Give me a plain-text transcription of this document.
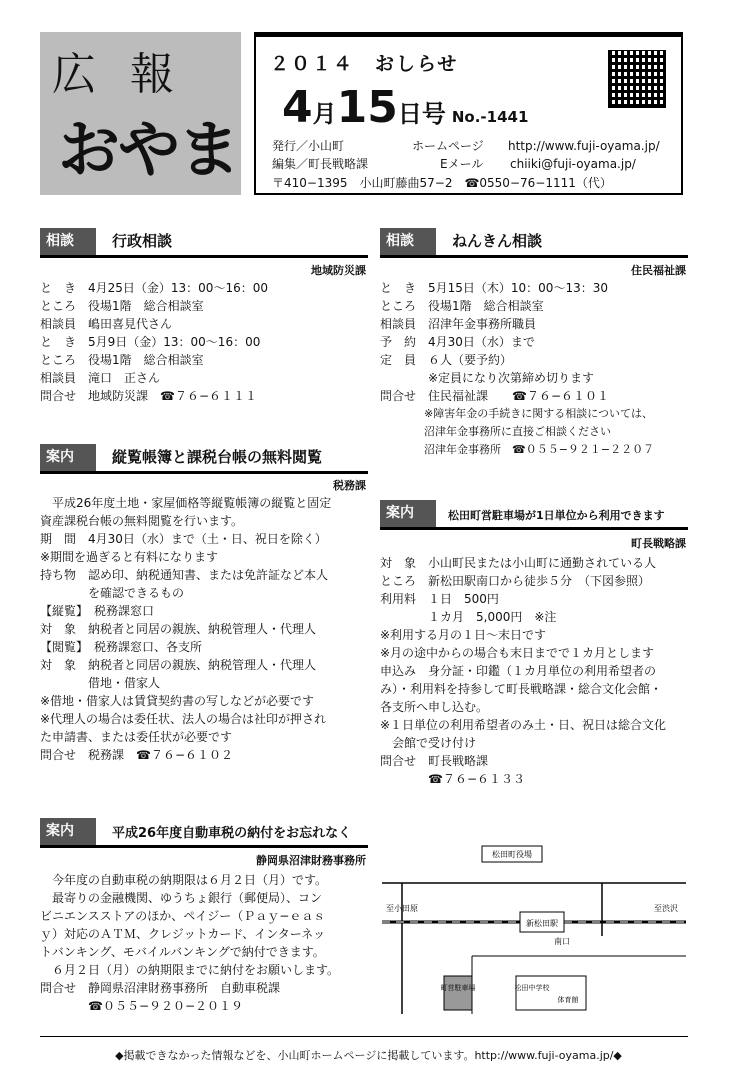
広報
おやま
２０１４　おしらせ
4月15日号 No.-1441
発行／小山町	ホームページ http://www.fuji-oyama.jp/
編集／町長戦略課	Eメール chiiki@fuji-oyama.jp/
〒410−1395　小山町藤曲57−2　☎0550−76−1111（代）
相談	行政相談
地域防災課
と　き　4月25日（金）13：00〜16：00
ところ　役場1階　総合相談室
相談員　嶋田喜見代さん
と　き　5月9日（金）13：00〜16：00
ところ　役場1階　総合相談室
相談員　滝口　正さん
問合せ　地域防災課　☎７６−６１１１
案内	縦覧帳簿と課税台帳の無料閲覧
税務課
　平成26年度土地・家屋価格等縦覧帳簿の縦覧と固定
資産課税台帳の無料閲覧を行います。
期　間　4月30日（水）まで（土・日、祝日を除く）
※期間を過ぎると有料になります
持ち物　認め印、納税通知書、または免許証など本人
　　　　を確認できるもの
【縦覧】　税務課窓口
対　象　納税者と同居の親族、納税管理人・代理人
【閲覧】　税務課窓口、各支所
対　象　納税者と同居の親族、納税管理人・代理人
　　　　借地・借家人
※借地・借家人は賃貸契約書の写しなどが必要です
※代理人の場合は委任状、法人の場合は社印が押され
た申請書、または委任状が必要です
問合せ　税務課　☎７６−６１０２
案内	平成26年度自動車税の納付をお忘れなく
静岡県沼津財務事務所
　今年度の自動車税の納期限は６月２日（月）です。
　最寄りの金融機関、ゆうちょ銀行（郵便局）、コン
ビニエンスストアのほか、ペイジー（Ｐａｙ−ｅａｓ
ｙ）対応のＡＴＭ、クレジットカード、インターネッ
トバンキング、モバイルバンキングで納付できます。
　６月２日（月）の納期限までに納付をお願いします。
問合せ　静岡県沼津財務事務所　自動車税課
　　　　☎０５５−９２０−２０１９
相談	ねんきん相談
住民福祉課
と　き　5月15日（木）10：00〜13：30
ところ　役場1階　総合相談室
相談員　沼津年金事務所職員
予　約　4月30日（水）まで
定　員　６人（要予約）
　　　　※定員になり次第締め切ります
問合せ　住民福祉課　　☎７６−６１０１
　　　　※障害年金の手続きに関する相談については、
　　　　沼津年金事務所に直接ご相談ください
　　　　沼津年金事務所　☎０５５−９２１−２２０７
案内	松田町営駐車場が1日単位から利用できます
町長戦略課
対　象　小山町民または小山町に通勤されている人
ところ　新松田駅南口から徒歩５分　（下図参照）
利用料　１日　500円
　　　　１カ月　5,000円　※注
※利用する月の１日〜末日です
※月の途中からの場合も末日までで１カ月とします
申込み　身分証・印鑑（１カ月単位の利用希望者の
み）・利用料を持参して町長戦略課・総合文化会館・
各支所へ申し込む。
※１日単位の利用希望者のみ土・日、祝日は総合文化
　会館で受け付け
問合せ　町長戦略課
　　　　☎７６−６１３３
松田町役場
至小田原	至渋沢
新松田駅
南口
町営駐車場	松田中学校
体育館
◆掲載できなかった情報などを、小山町ホームページに掲載しています。http://www.fuji-oyama.jp/◆
